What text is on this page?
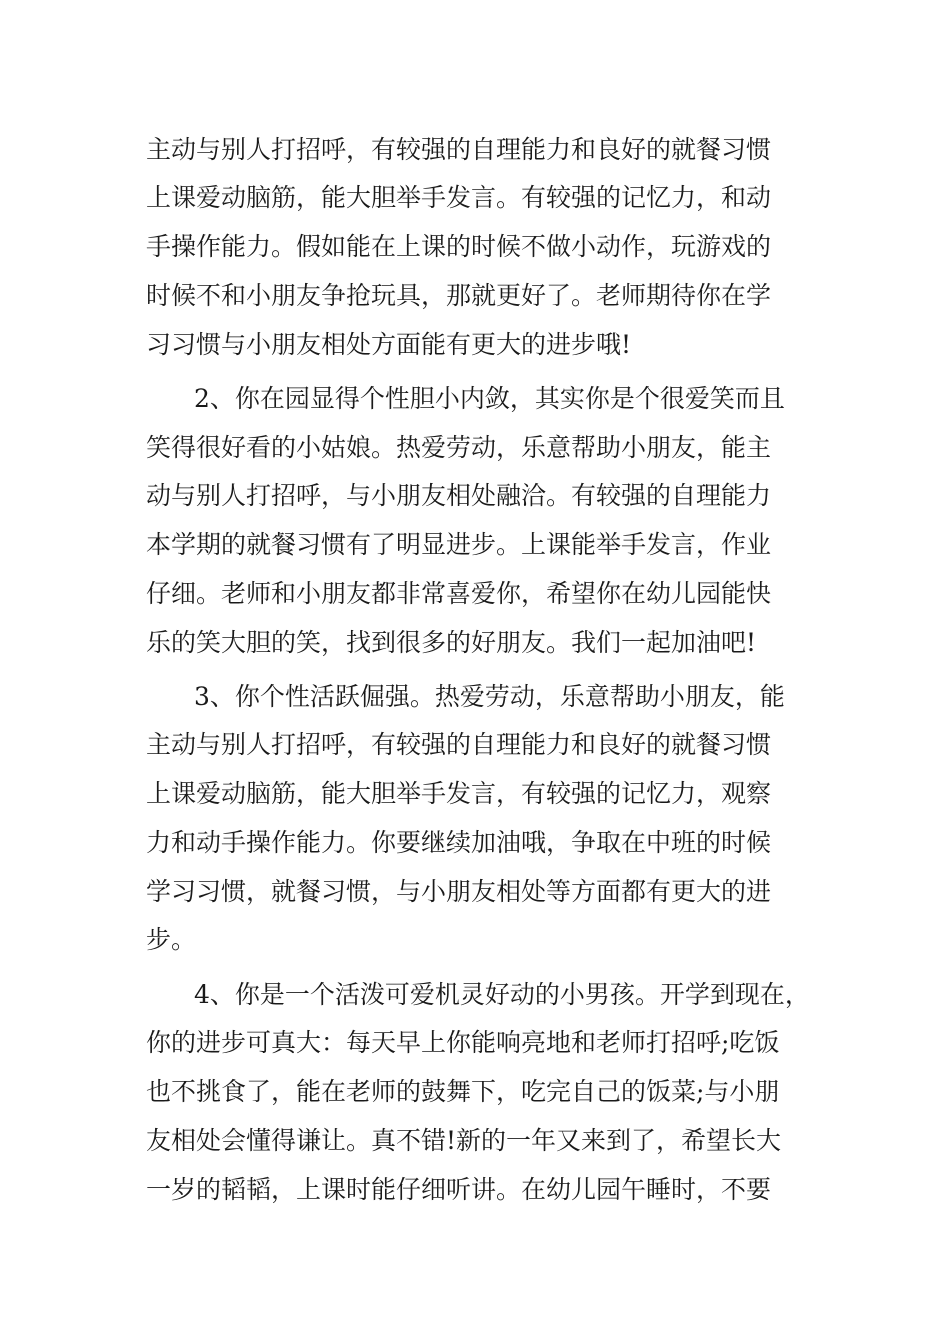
主动与别人打招呼，有较强的自理能力和良好的就餐习惯
上课爱动脑筋，能大胆举手发言。有较强的记忆力，和动
手操作能力。假如能在上课的时候不做小动作，玩游戏的
时候不和小朋友争抢玩具，那就更好了。老师期待你在学
习习惯与小朋友相处方面能有更大的进步哦!
2、你在园显得个性胆小内敛，其实你是个很爱笑而且
笑得很好看的小姑娘。热爱劳动，乐意帮助小朋友，能主
动与别人打招呼，与小朋友相处融洽。有较强的自理能力
本学期的就餐习惯有了明显进步。上课能举手发言，作业
仔细。老师和小朋友都非常喜爱你，希望你在幼儿园能快
乐的笑大胆的笑，找到很多的好朋友。我们一起加油吧!
3、你个性活跃倔强。热爱劳动，乐意帮助小朋友，能
主动与别人打招呼，有较强的自理能力和良好的就餐习惯
上课爱动脑筋，能大胆举手发言，有较强的记忆力，观察
力和动手操作能力。你要继续加油哦，争取在中班的时候
学习习惯，就餐习惯，与小朋友相处等方面都有更大的进
步。
4、你是一个活泼可爱机灵好动的小男孩。开学到现在，
你的进步可真大：每天早上你能响亮地和老师打招呼;吃饭
也不挑食了，能在老师的鼓舞下，吃完自己的饭菜;与小朋
友相处会懂得谦让。真不错!新的一年又来到了，希望长大
一岁的韬韬，上课时能仔细听讲。在幼儿园午睡时，不要
